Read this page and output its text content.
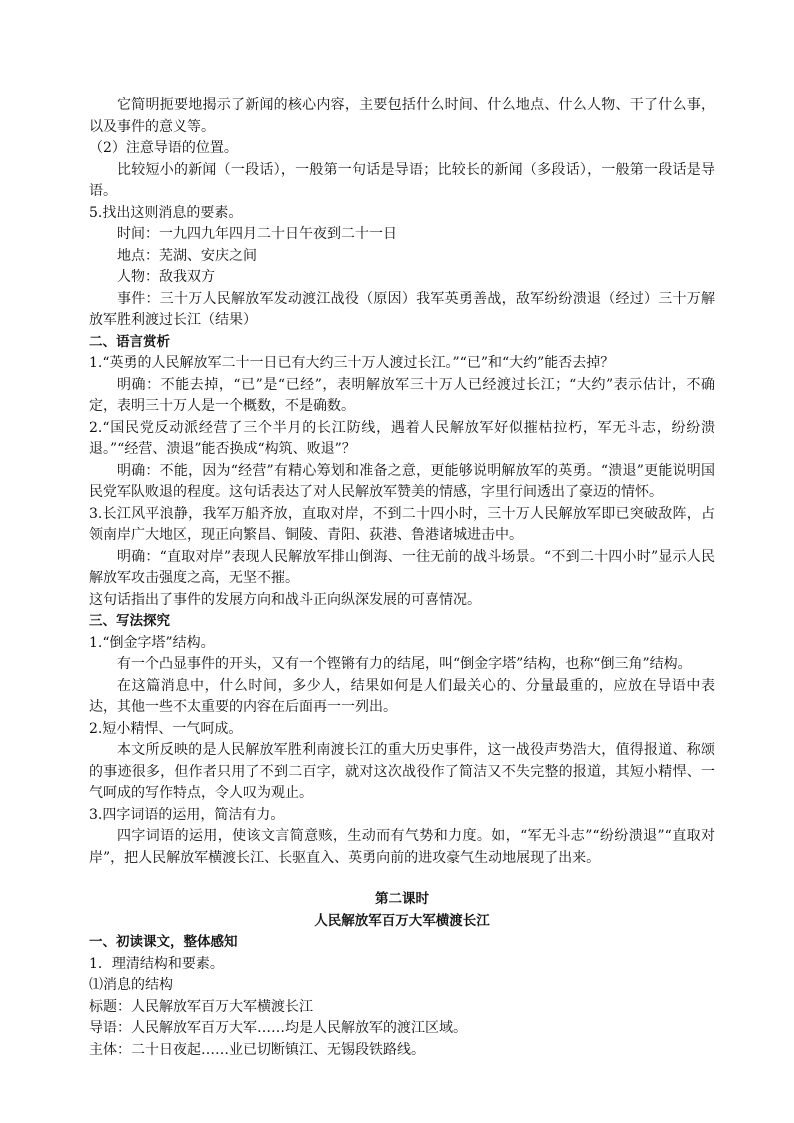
它简明扼要地揭示了新闻的核心内容，主要包括什么时间、什么地点、什么人物、干了什么事，以及事件的意义等。

（2）注意导语的位置。

比较短小的新闻（一段话），一般第一句话是导语；比较长的新闻（多段话），一般第一段话是导语。

5.找出这则消息的要素。

时间：一九四九年四月二十日午夜到二十一日

地点：芜湖、安庆之间

人物：敌我双方

事件：三十万人民解放军发动渡江战役（原因）我军英勇善战，敌军纷纷溃退（经过）三十万解放军胜利渡过长江（结果）

二、语言赏析

1.“英勇的人民解放军二十一日已有大约三十万人渡过长江。”“已”和“大约”能否去掉？

明确：不能去掉，“已”是“已经”，表明解放军三十万人已经渡过长江；“大约”表示估计，不确定，表明三十万人是一个概数，不是确数。

2.“国民党反动派经营了三个半月的长江防线，遇着人民解放军好似摧枯拉朽，军无斗志，纷纷溃退。”“经营、溃退”能否换成“构筑、败退”？

明确：不能，因为“经营”有精心筹划和准备之意，更能够说明解放军的英勇。“溃退”更能说明国民党军队败退的程度。这句话表达了对人民解放军赞美的情感，字里行间透出了豪迈的情怀。

3.长江风平浪静，我军万船齐放，直取对岸，不到二十四小时，三十万人民解放军即已突破敌阵，占领南岸广大地区，现正向繁昌、铜陵、青阳、荻港、鲁港诸城进击中。

明确：“直取对岸”表现人民解放军排山倒海、一往无前的战斗场景。“不到二十四小时”显示人民解放军攻击强度之高，无坚不摧。

这句话指出了事件的发展方向和战斗正向纵深发展的可喜情况。

三、写法探究

1.“倒金字塔”结构。

有一个凸显事件的开头，又有一个铿锵有力的结尾，叫“倒金字塔”结构，也称“倒三角”结构。

在这篇消息中，什么时间，多少人，结果如何是人们最关心的、分量最重的，应放在导语中表达，其他一些不太重要的内容在后面再一一列出。

2.短小精悍、一气呵成。

本文所反映的是人民解放军胜利南渡长江的重大历史事件，这一战役声势浩大，值得报道、称颂的事迹很多，但作者只用了不到二百字，就对这次战役作了简洁又不失完整的报道，其短小精悍、一气呵成的写作特点，令人叹为观止。

3.四字词语的运用，简洁有力。

四字词语的运用，使该文言简意赅，生动而有气势和力度。如，“军无斗志”“纷纷溃退”“直取对岸”，把人民解放军横渡长江、长驱直入、英勇向前的进攻豪气生动地展现了出来。

第二课时

人民解放军百万大军横渡长江

一、初读课文，整体感知

1．理清结构和要素。

⑴消息的结构

标题：人民解放军百万大军横渡长江

导语：人民解放军百万大军……均是人民解放军的渡江区域。

主体：二十日夜起……业已切断镇江、无锡段铁路线。
